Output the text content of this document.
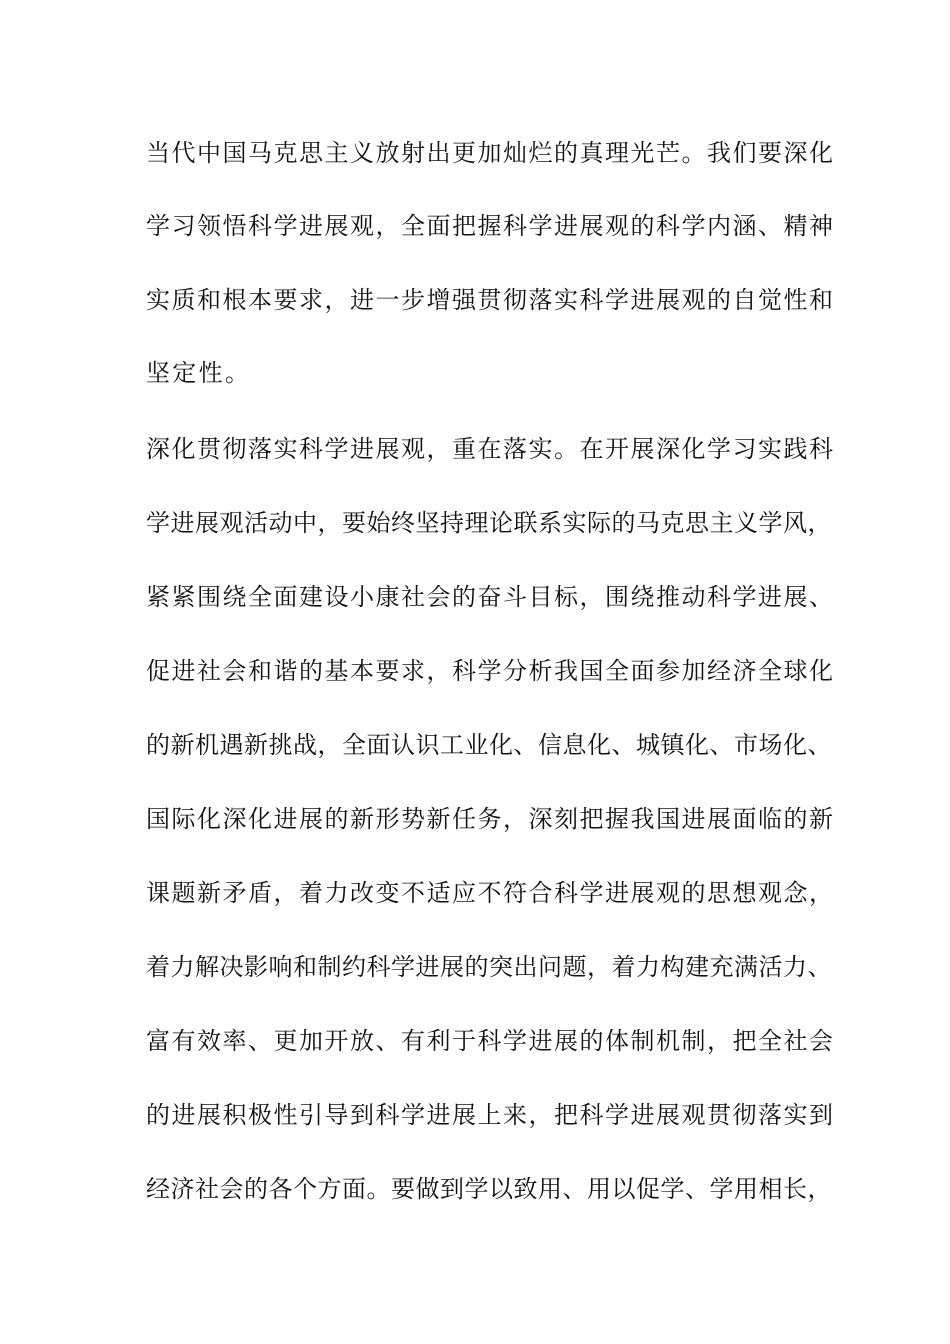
当代中国马克思主义放射出更加灿烂的真理光芒。我们要深化
学习领悟科学进展观，全面把握科学进展观的科学内涵、精神
实质和根本要求，进一步增强贯彻落实科学进展观的自觉性和
坚定性。
深化贯彻落实科学进展观，重在落实。在开展深化学习实践科
学进展观活动中，要始终坚持理论联系实际的马克思主义学风，
紧紧围绕全面建设小康社会的奋斗目标，围绕推动科学进展、
促进社会和谐的基本要求，科学分析我国全面参加经济全球化
的新机遇新挑战，全面认识工业化、信息化、城镇化、市场化、
国际化深化进展的新形势新任务，深刻把握我国进展面临的新
课题新矛盾，着力改变不适应不符合科学进展观的思想观念，
着力解决影响和制约科学进展的突出问题，着力构建充满活力、
富有效率、更加开放、有利于科学进展的体制机制，把全社会
的进展积极性引导到科学进展上来，把科学进展观贯彻落实到
经济社会的各个方面。要做到学以致用、用以促学、学用相长，
